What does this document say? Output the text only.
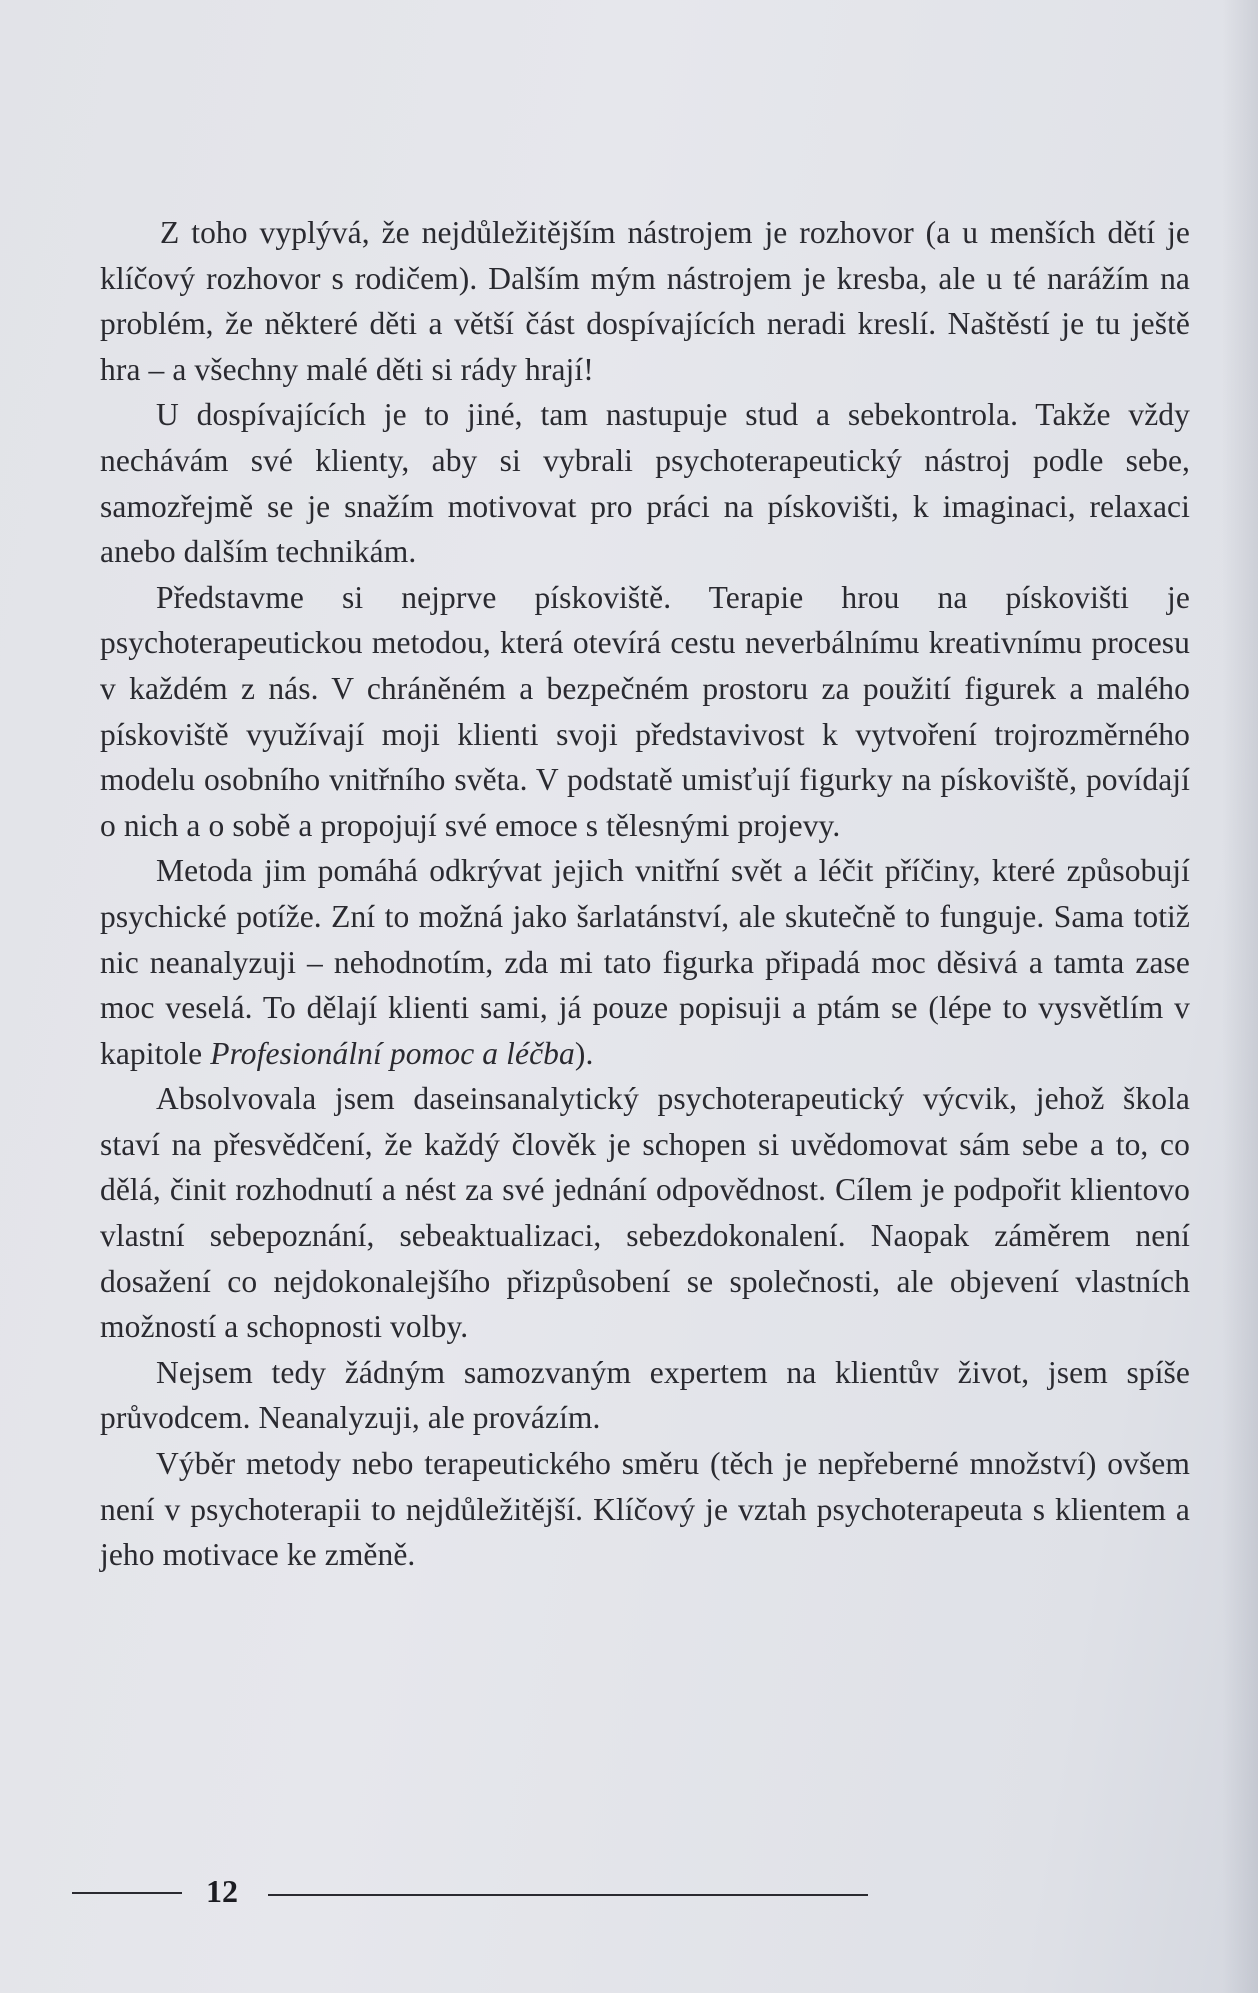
Z toho vyplývá, že nejdůležitějším nástrojem je rozhovor (a u menších dětí je klíčový rozhovor s rodičem). Dalším mým nástrojem je kresba, ale u té narážím na problém, že některé děti a větší část dospívajících neradi kreslí. Naštěstí je tu ještě hra – a všechny malé děti si rády hrají!

U dospívajících je to jiné, tam nastupuje stud a sebekontrola. Takže vždy nechávám své klienty, aby si vybrali psychoterapeutický nástroj podle sebe, samozřejmě se je snažím motivovat pro práci na pískovišti, k imaginaci, relaxaci anebo dalším technikám.

Představme si nejprve pískoviště. Terapie hrou na pískovišti je psychoterapeutickou metodou, která otevírá cestu neverbálnímu kreativnímu procesu v každém z nás. V chráněném a bezpečném prostoru za použití figurek a malého pískoviště využívají moji klienti svoji představivost k vytvoření trojrozměrného modelu osobního vnitřního světa. V podstatě umisťují figurky na pískoviště, povídají o nich a o sobě a propojují své emoce s tělesnými projevy.

Metoda jim pomáhá odkrývat jejich vnitřní svět a léčit příčiny, které způsobují psychické potíže. Zní to možná jako šarlatánství, ale skutečně to funguje. Sama totiž nic neanalyzuji – nehodnotím, zda mi tato figurka připadá moc děsivá a tamta zase moc veselá. To dělají klienti sami, já pouze popisuji a ptám se (lépe to vysvětlím v kapitole Profesionální pomoc a léčba).

Absolvovala jsem daseinsanalytický psychoterapeutický výcvik, jehož škola staví na přesvědčení, že každý člověk je schopen si uvědomovat sám sebe a to, co dělá, činit rozhodnutí a nést za své jednání odpovědnost. Cílem je podpořit klientovo vlastní sebepoznání, sebeaktualizaci, sebezdokonalení. Naopak záměrem není dosažení co nejdokonalejšího přizpůsobení se společnosti, ale objevení vlastních možností a schopnosti volby.

Nejsem tedy žádným samozvaným expertem na klientův život, jsem spíše průvodcem. Neanalyzuji, ale provázím.

Výběr metody nebo terapeutického směru (těch je nepřeberné množství) ovšem není v psychoterapii to nejdůležitější. Klíčový je vztah psychoterapeuta s klientem a jeho motivace ke změně.

12
